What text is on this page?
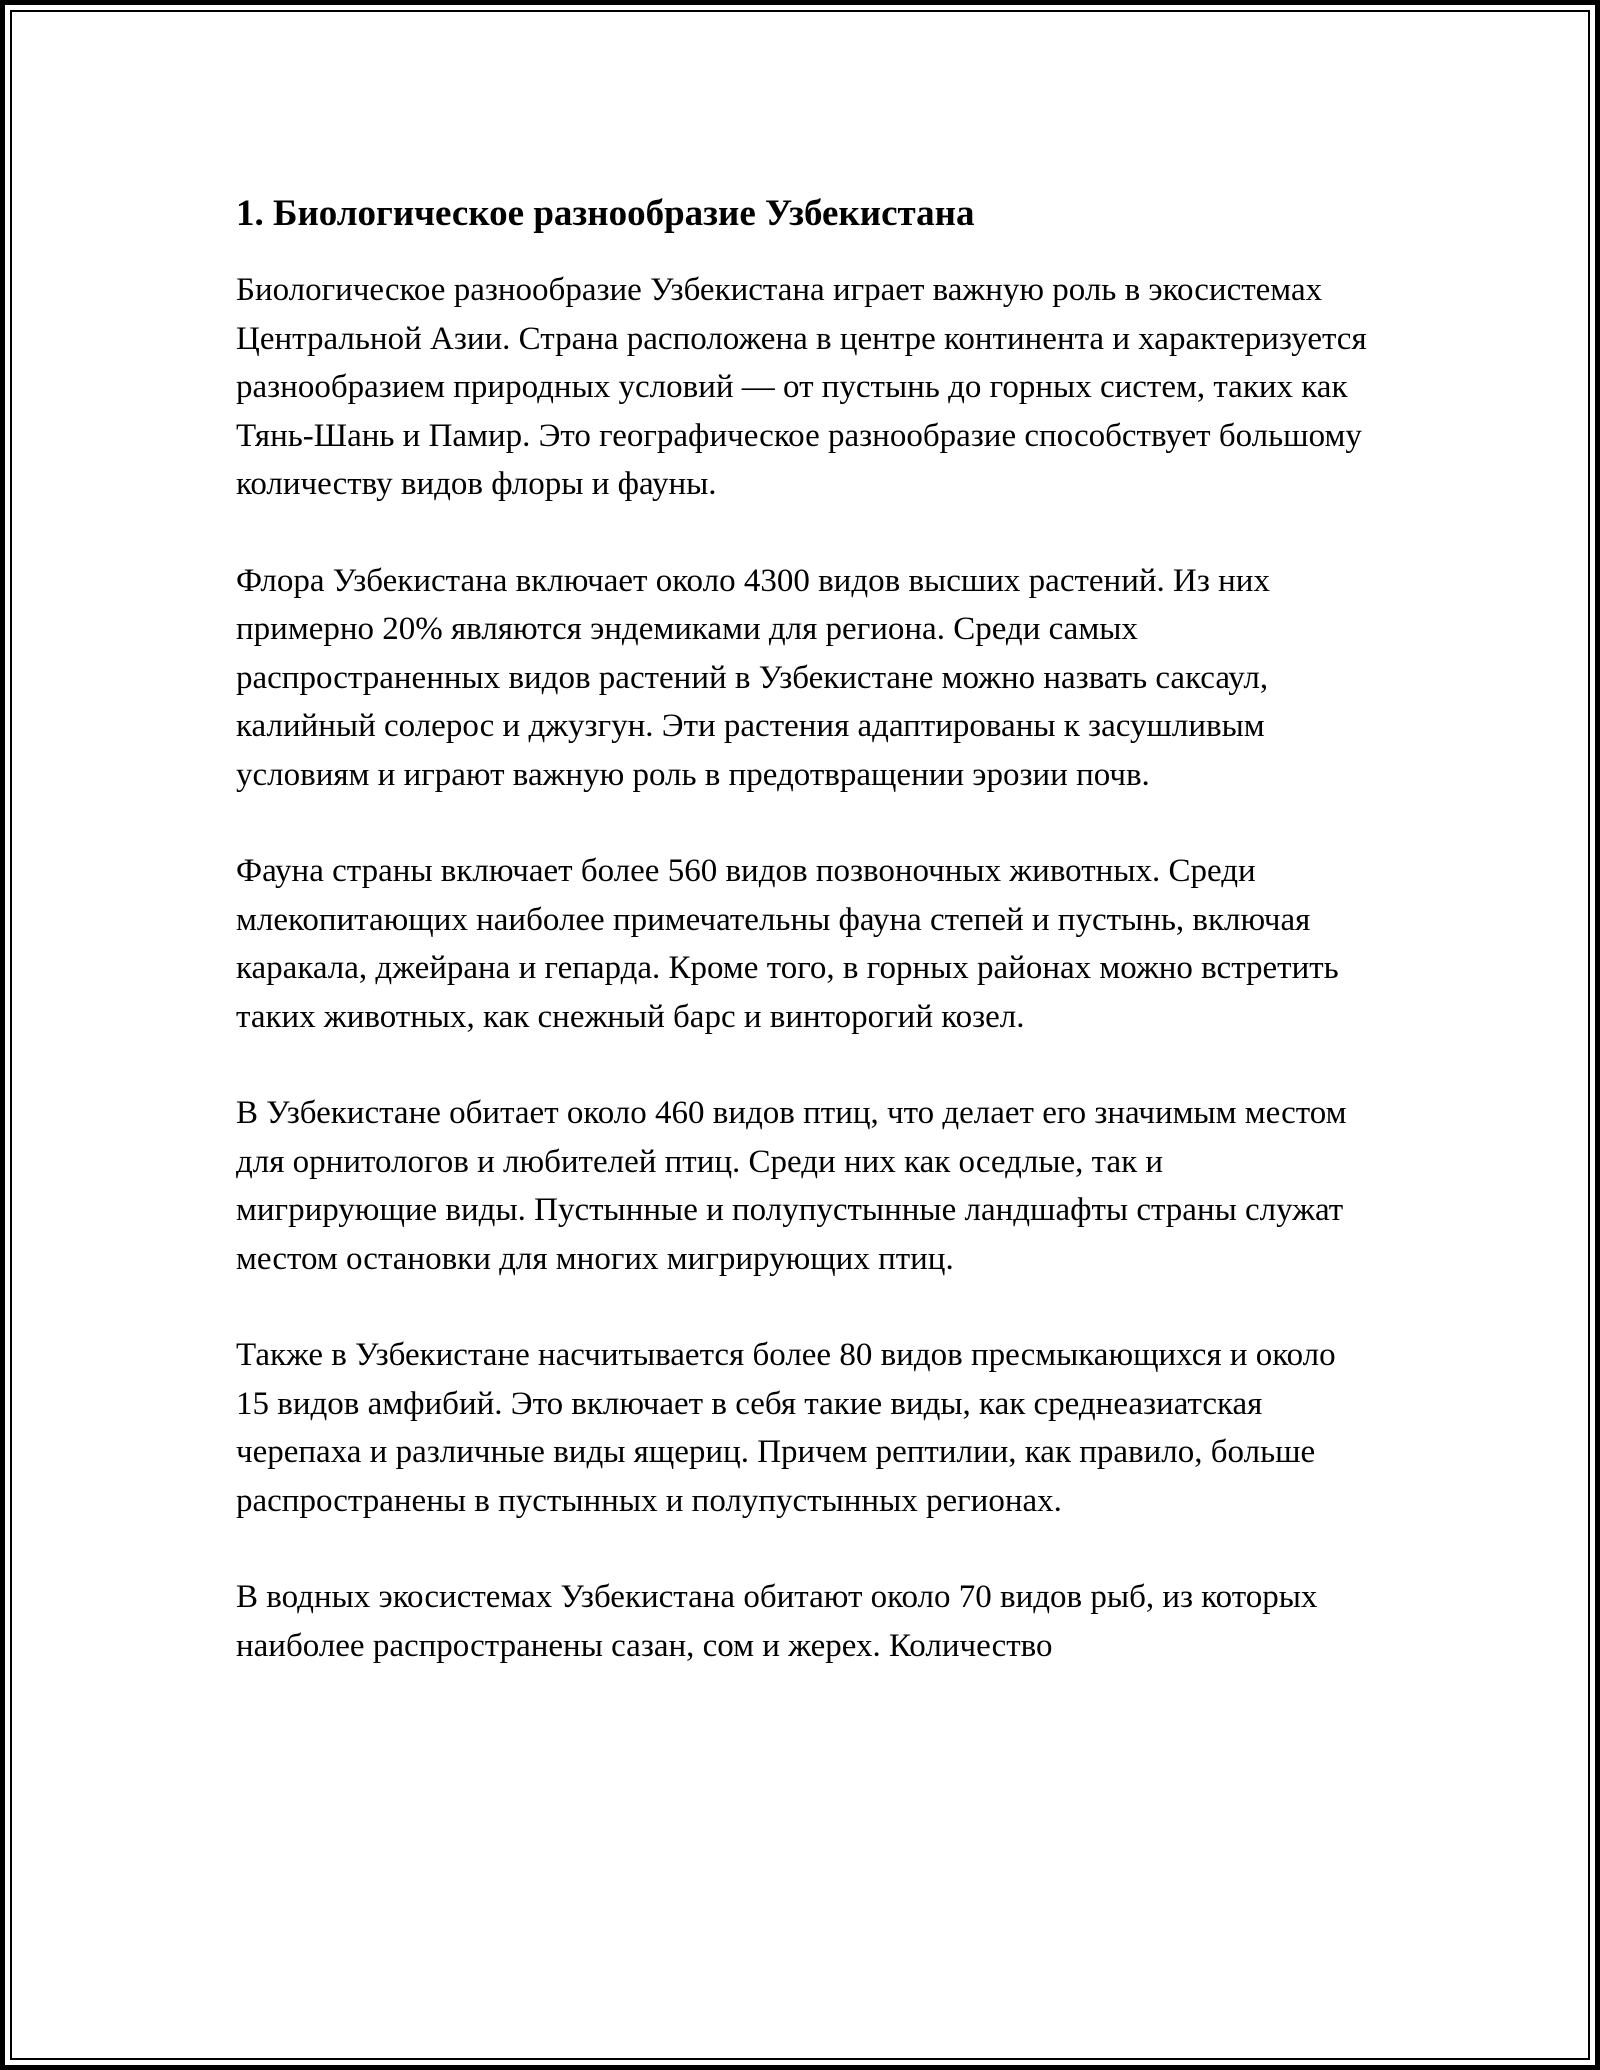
1. Биологическое разнообразие Узбекистана

Биологическое разнообразие Узбекистана играет важную роль в экосистемах Центральной Азии. Страна расположена в центре континента и характеризуется разнообразием природных условий — от пустынь до горных систем, таких как Тянь-Шань и Памир. Это географическое разнообразие способствует большому количеству видов флоры и фауны.

Флора Узбекистана включает около 4300 видов высших растений. Из них примерно 20% являются эндемиками для региона. Среди самых распространенных видов растений в Узбекистане можно назвать саксаул, калийный солерос и джузгун. Эти растения адаптированы к засушливым условиям и играют важную роль в предотвращении эрозии почв.

Фауна страны включает более 560 видов позвоночных животных. Среди млекопитающих наиболее примечательны фауна степей и пустынь, включая каракала, джейрана и гепарда. Кроме того, в горных районах можно встретить таких животных, как снежный барс и винторогий козел.

В Узбекистане обитает около 460 видов птиц, что делает его значимым местом для орнитологов и любителей птиц. Среди них как оседлые, так и мигрирующие виды. Пустынные и полупустынные ландшафты страны служат местом остановки для многих мигрирующих птиц.

Также в Узбекистане насчитывается более 80 видов пресмыкающихся и около 15 видов амфибий. Это включает в себя такие виды, как среднеазиатская черепаха и различные виды ящериц. Причем рептилии, как правило, больше распространены в пустынных и полупустынных регионах.

В водных экосистемах Узбекистана обитают около 70 видов рыб, из которых наиболее распространены сазан, сом и жерех. Количество
